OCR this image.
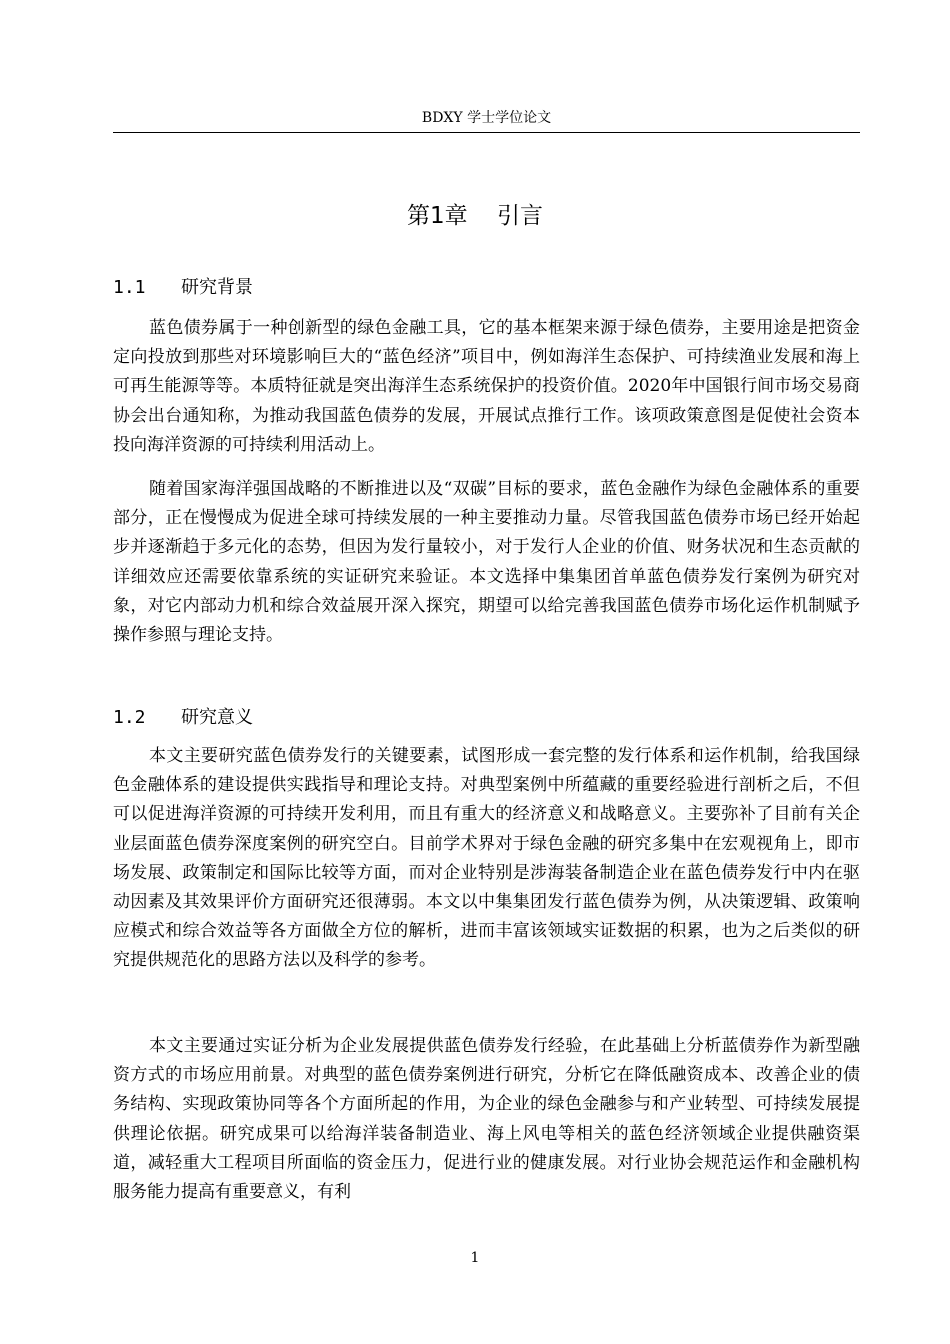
BDXY 学士学位论文
第1章 引言
1.1 研究背景

蓝色债券属于一种创新型的绿色金融工具，它的基本框架来源于绿色债券，主要用途是把资金定向投放到那些对环境影响巨大的“蓝色经济”项目中，例如海洋生态保护、可持续渔业发展和海上可再生能源等等。本质特征就是突出海洋生态系统保护的投资价值。2020年中国银行间市场交易商协会出台通知称，为推动我国蓝色债券的发展，开展试点推行工作。该项政策意图是促使社会资本投向海洋资源的可持续利用活动上。

随着国家海洋强国战略的不断推进以及“双碳”目标的要求，蓝色金融作为绿色金融体系的重要部分，正在慢慢成为促进全球可持续发展的一种主要推动力量。尽管我国蓝色债券市场已经开始起步并逐渐趋于多元化的态势，但因为发行量较小，对于发行人企业的价值、财务状况和生态贡献的详细效应还需要依靠系统的实证研究来验证。本文选择中集集团首单蓝色债券发行案例为研究对象，对它内部动力机和综合效益展开深入探究，期望可以给完善我国蓝色债券市场化运作机制赋予操作参照与理论支持。

1.2 研究意义

本文主要研究蓝色债券发行的关键要素，试图形成一套完整的发行体系和运作机制，给我国绿色金融体系的建设提供实践指导和理论支持。对典型案例中所蕴藏的重要经验进行剖析之后，不但可以促进海洋资源的可持续开发利用，而且有重大的经济意义和战略意义。主要弥补了目前有关企业层面蓝色债券深度案例的研究空白。目前学术界对于绿色金融的研究多集中在宏观视角上，即市场发展、政策制定和国际比较等方面，而对企业特别是涉海装备制造企业在蓝色债券发行中内在驱动因素及其效果评价方面研究还很薄弱。本文以中集集团发行蓝色债券为例，从决策逻辑、政策响应模式和综合效益等各方面做全方位的解析，进而丰富该领域实证数据的积累，也为之后类似的研究提供规范化的思路方法以及科学的参考。

本文主要通过实证分析为企业发展提供蓝色债券发行经验，在此基础上分析蓝债券作为新型融资方式的市场应用前景。对典型的蓝色债券案例进行研究，分析它在降低融资成本、改善企业的债务结构、实现政策协同等各个方面所起的作用，为企业的绿色金融参与和产业转型、可持续发展提供理论依据。研究成果可以给海洋装备制造业、海上风电等相关的蓝色经济领域企业提供融资渠道，减轻重大工程项目所面临的资金压力，促进行业的健康发展。对行业协会规范运作和金融机构服务能力提高有重要意义，有利

1
